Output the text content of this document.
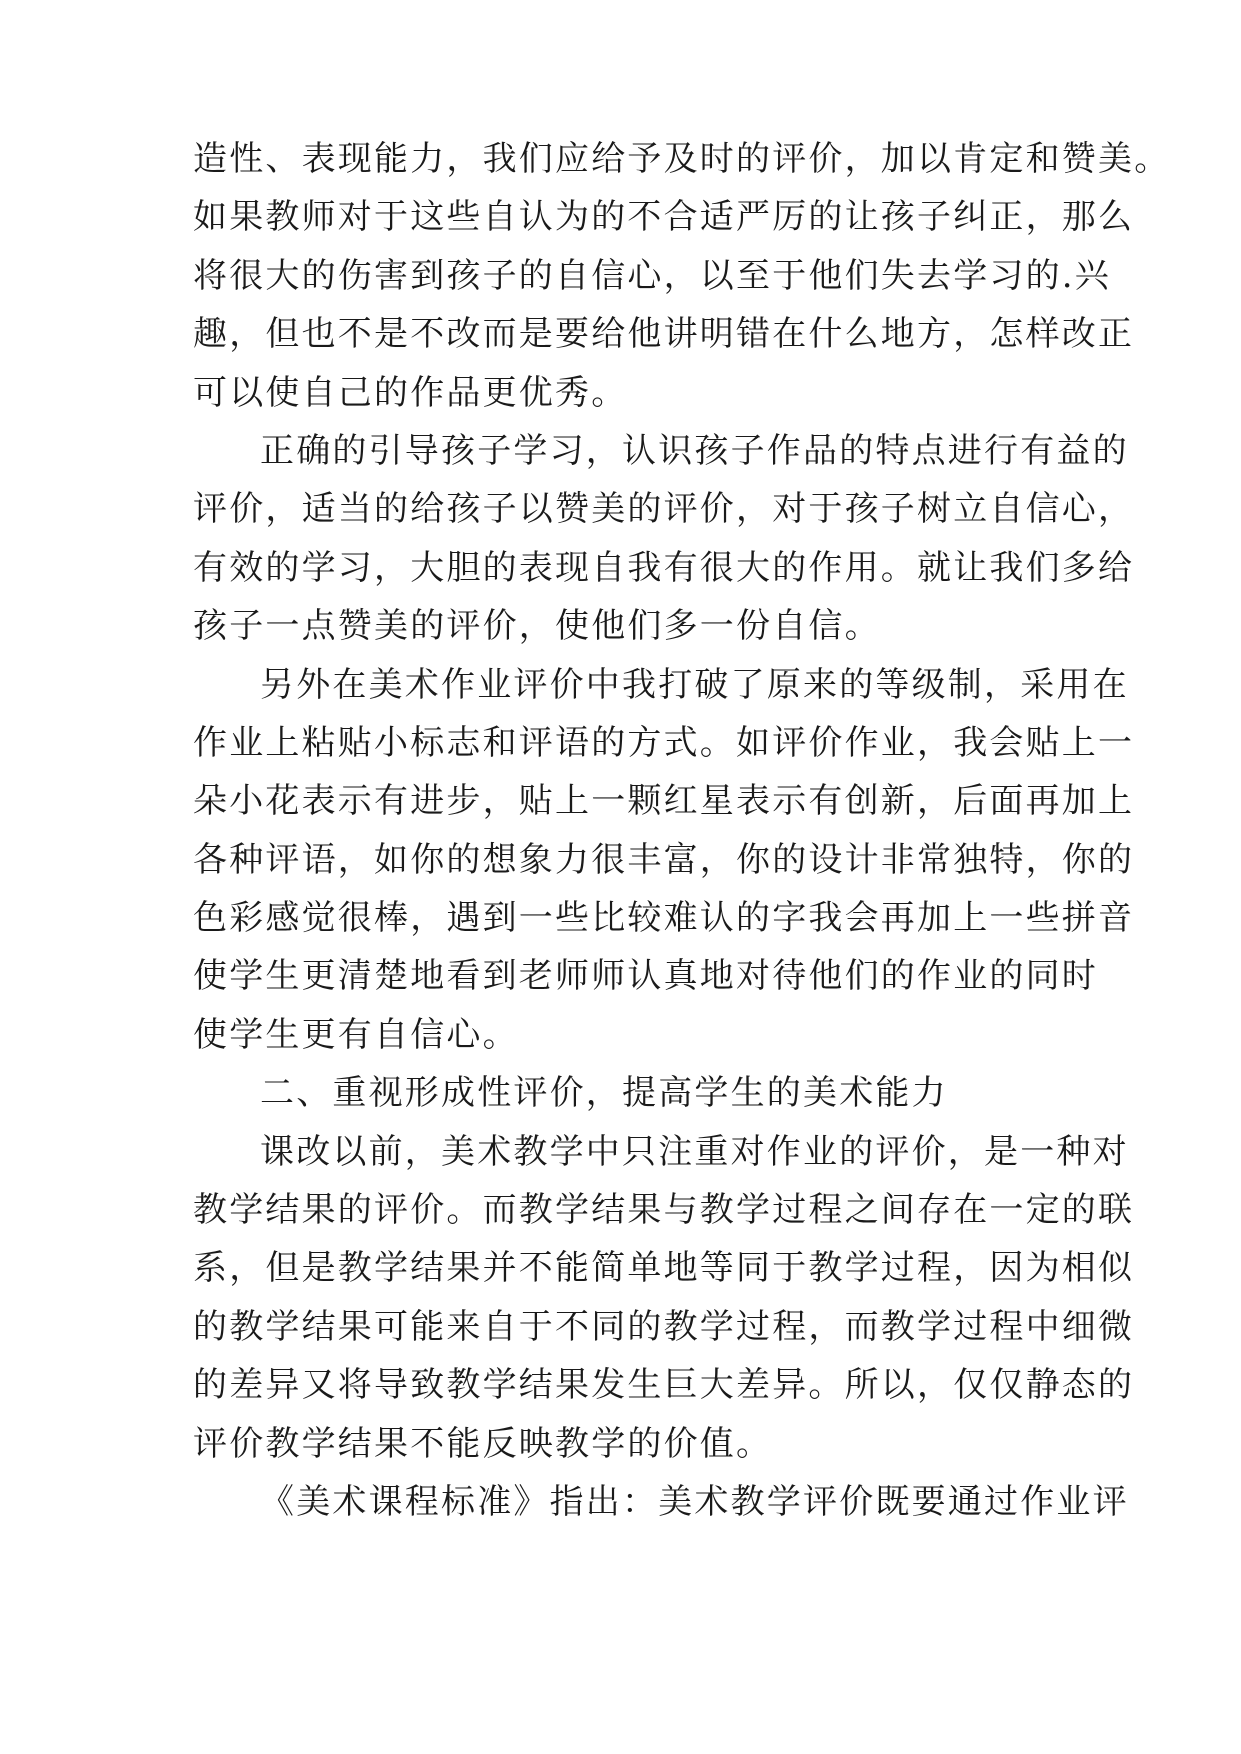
造性、表现能力，我们应给予及时的评价，加以肯定和赞美。
如果教师对于这些自认为的不合适严厉的让孩子纠正，那么
将很大的伤害到孩子的自信心，以至于他们失去学习的.兴
趣，但也不是不改而是要给他讲明错在什么地方，怎样改正
可以使自己的作品更优秀。
正确的引导孩子学习，认识孩子作品的特点进行有益的
评价，适当的给孩子以赞美的评价，对于孩子树立自信心，
有效的学习，大胆的表现自我有很大的作用。就让我们多给
孩子一点赞美的评价，使他们多一份自信。
另外在美术作业评价中我打破了原来的等级制，采用在
作业上粘贴小标志和评语的方式。如评价作业，我会贴上一
朵小花表示有进步，贴上一颗红星表示有创新，后面再加上
各种评语，如你的想象力很丰富，你的设计非常独特，你的
色彩感觉很棒，遇到一些比较难认的字我会再加上一些拼音
使学生更清楚地看到老师师认真地对待他们的作业的同时
使学生更有自信心。
二、重视形成性评价，提高学生的美术能力
课改以前，美术教学中只注重对作业的评价，是一种对
教学结果的评价。而教学结果与教学过程之间存在一定的联
系，但是教学结果并不能简单地等同于教学过程，因为相似
的教学结果可能来自于不同的教学过程，而教学过程中细微
的差异又将导致教学结果发生巨大差异。所以，仅仅静态的
评价教学结果不能反映教学的价值。
《美术课程标准》指出：美术教学评价既要通过作业评
